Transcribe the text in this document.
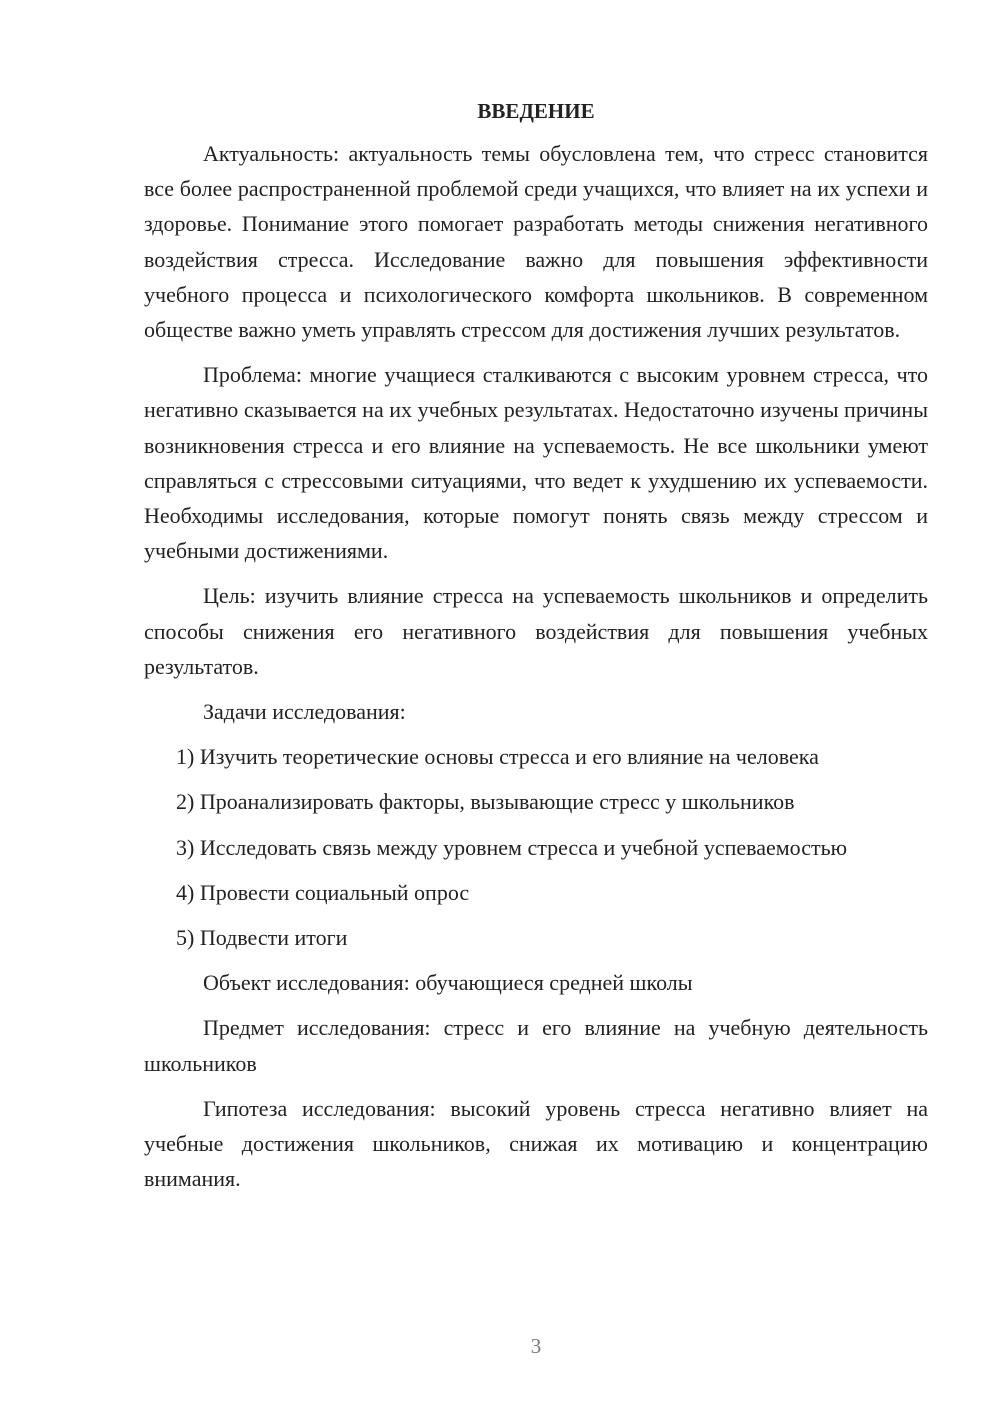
ВВЕДЕНИЕ

Актуальность: актуальность темы обусловлена тем, что стресс становится все более распространенной проблемой среди учащихся, что влияет на их успехи и здоровье. Понимание этого помогает разработать методы снижения негативного воздействия стресса. Исследование важно для повышения эффективности учебного процесса и психологического комфорта школьников. В современном обществе важно уметь управлять стрессом для достижения лучших результатов.

Проблема: многие учащиеся сталкиваются с высоким уровнем стресса, что негативно сказывается на их учебных результатах. Недостаточно изучены причины возникновения стресса и его влияние на успеваемость. Не все школьники умеют справляться с стрессовыми ситуациями, что ведет к ухудшению их успеваемости. Необходимы исследования, которые помогут понять связь между стрессом и учебными достижениями.

Цель: изучить влияние стресса на успеваемость школьников и определить способы снижения его негативного воздействия для повышения учебных результатов.

Задачи исследования:

1) Изучить теоретические основы стресса и его влияние на человека
2) Проанализировать факторы, вызывающие стресс у школьников
3) Исследовать связь между уровнем стресса и учебной успеваемостью
4) Провести социальный опрос
5) Подвести итоги

Объект исследования: обучающиеся средней школы

Предмет исследования: стресс и его влияние на учебную деятельность школьников

Гипотеза исследования: высокий уровень стресса негативно влияет на учебные достижения школьников, снижая их мотивацию и концентрацию внимания.

3
